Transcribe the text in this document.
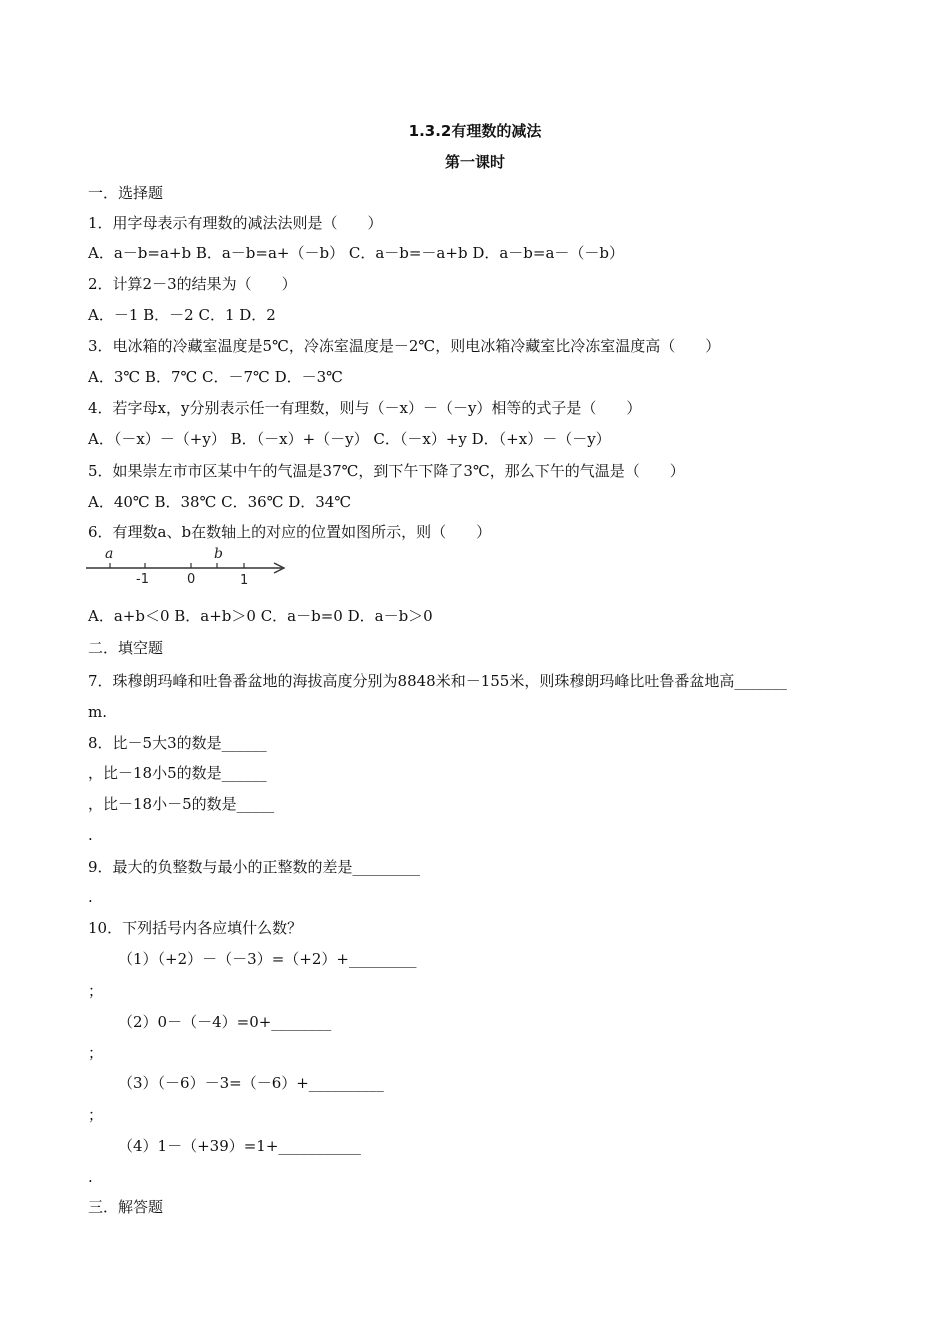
1.3.2有理数的减法
第一课时
一．选择题
1．用字母表示有理数的减法法则是（　　）
A．a－b=a+b B．a－b=a+（－b） C．a－b=－a+b D．a－b=a－（－b）
2．计算2－3的结果为（　　）
A．－1 B．－2 C．1 D．2
3．电冰箱的冷藏室温度是5℃，冷冻室温度是－2℃，则电冰箱冷藏室比冷冻室温度高（　　）
A．3℃ B．7℃ C．－7℃ D．－3℃
4．若字母x，y分别表示任一有理数，则与（－x）－（－y）相等的式子是（　　）
A．（－x）－（+y） B．（－x）+（－y） C．（－x）+y D．（+x）－（－y）
5．如果崇左市市区某中午的气温是37℃，到下午下降了3℃，那么下午的气温是（　　）
A．40℃ B．38℃ C．36℃ D．34℃
6．有理数a、b在数轴上的对应的位置如图所示，则（　　）
a	b
-1	0	1
A．a+b＜0 B．a+b＞0 C．a－b=0 D．a－b＞0
二．填空题
7．珠穆朗玛峰和吐鲁番盆地的海拔高度分别为8848米和－155米，则珠穆朗玛峰比吐鲁番盆地高_______
m.
8．比－5大3的数是______
，比－18小5的数是______
，比－18小－5的数是_____
.
9．最大的负整数与最小的正整数的差是_________
.
10．下列括号内各应填什么数？
（1）（+2）－（－3）=（+2）+_________
；
（2）0－（－4）=0+________
；
（3）（－6）－3=（－6）+__________
；
（4）1－（+39）=1+___________
.
三．解答题
